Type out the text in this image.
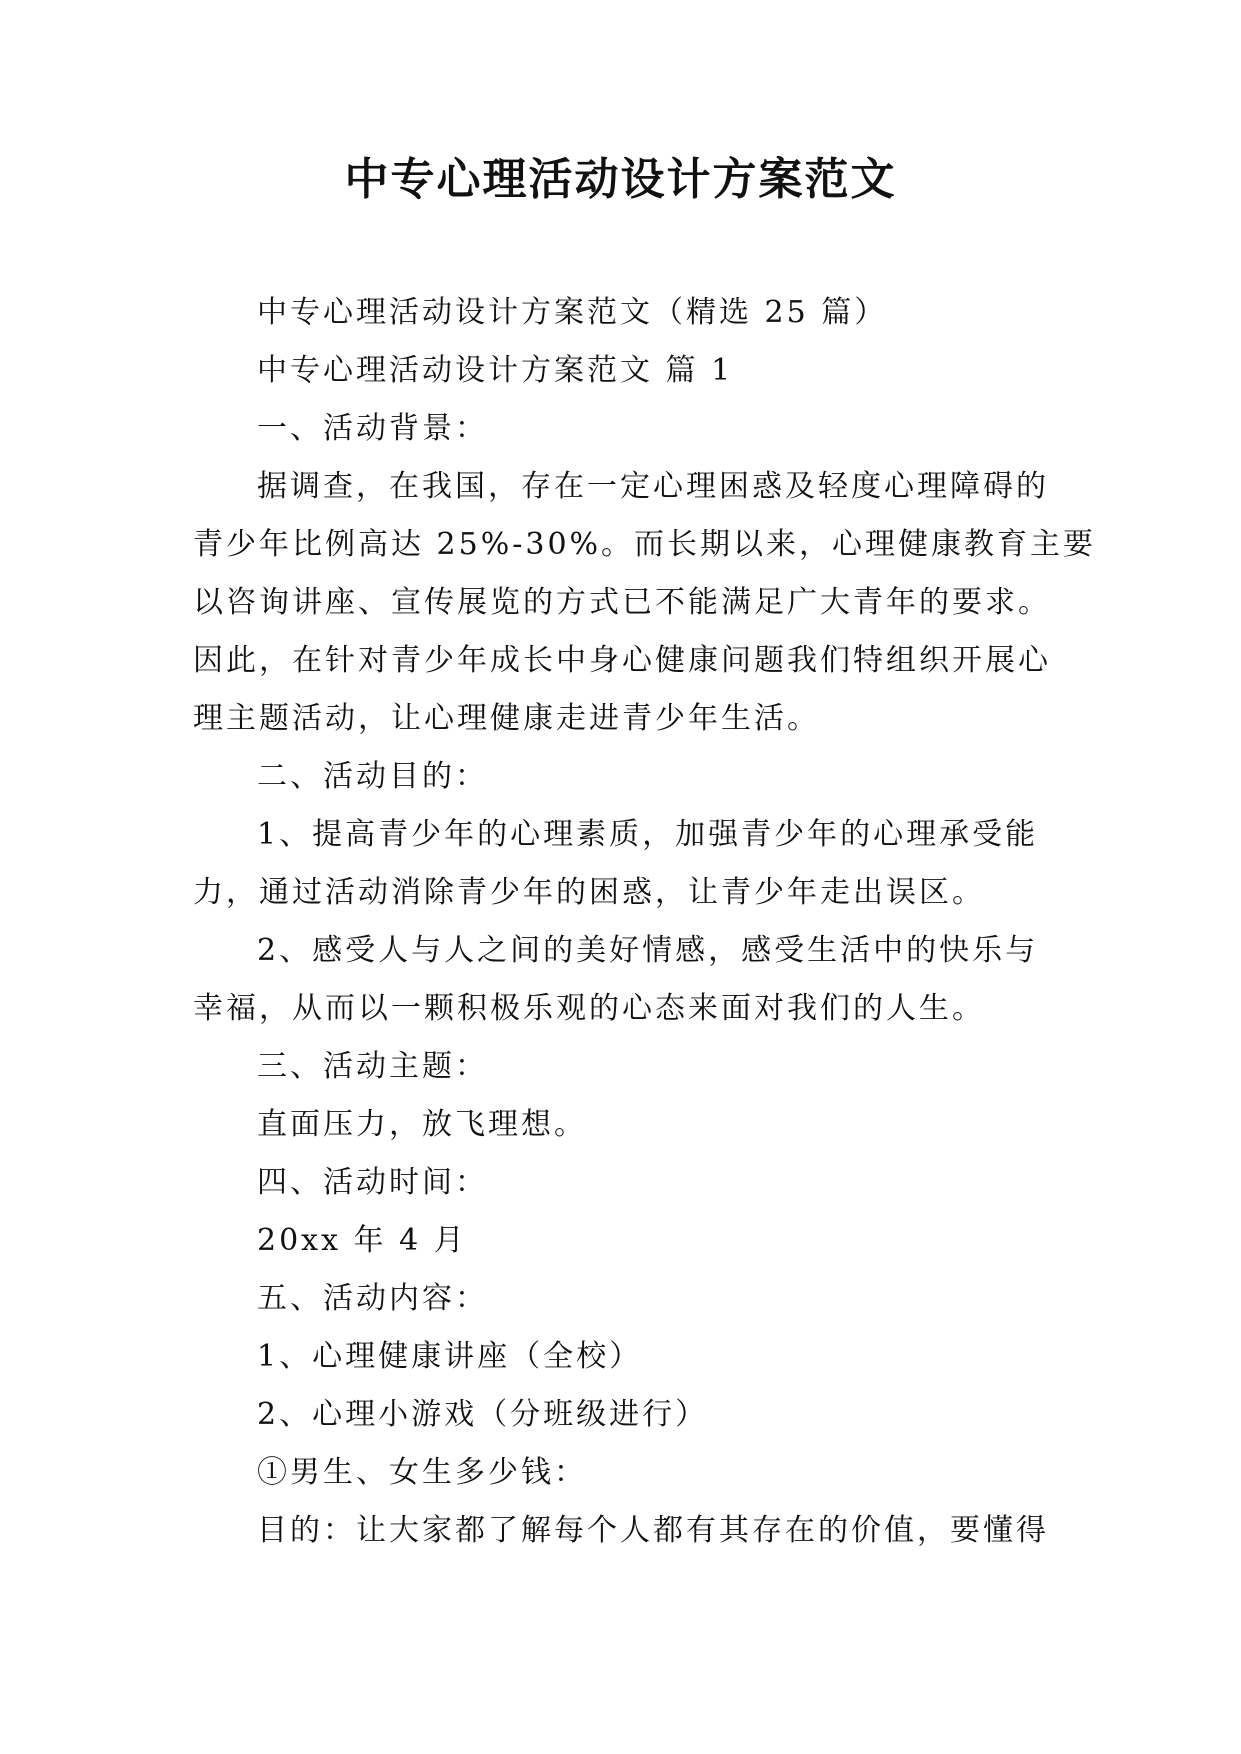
中专心理活动设计方案范文

中专心理活动设计方案范文（精选 25 篇）

中专心理活动设计方案范文 篇 1

一、活动背景：

据调查，在我国，存在一定心理困惑及轻度心理障碍的

青少年比例高达 25%-30%。而长期以来，心理健康教育主要

以咨询讲座、宣传展览的方式已不能满足广大青年的要求。

因此，在针对青少年成长中身心健康问题我们特组织开展心

理主题活动，让心理健康走进青少年生活。

二、活动目的：

1、提高青少年的心理素质，加强青少年的心理承受能

力，通过活动消除青少年的困惑，让青少年走出误区。

2、感受人与人之间的美好情感，感受生活中的快乐与

幸福，从而以一颗积极乐观的心态来面对我们的人生。

三、活动主题：

直面压力，放飞理想。

四、活动时间：

20xx 年 4 月

五、活动内容：

1、心理健康讲座（全校）

2、心理小游戏（分班级进行）

①男生、女生多少钱：

目的：让大家都了解每个人都有其存在的价值，要懂得
